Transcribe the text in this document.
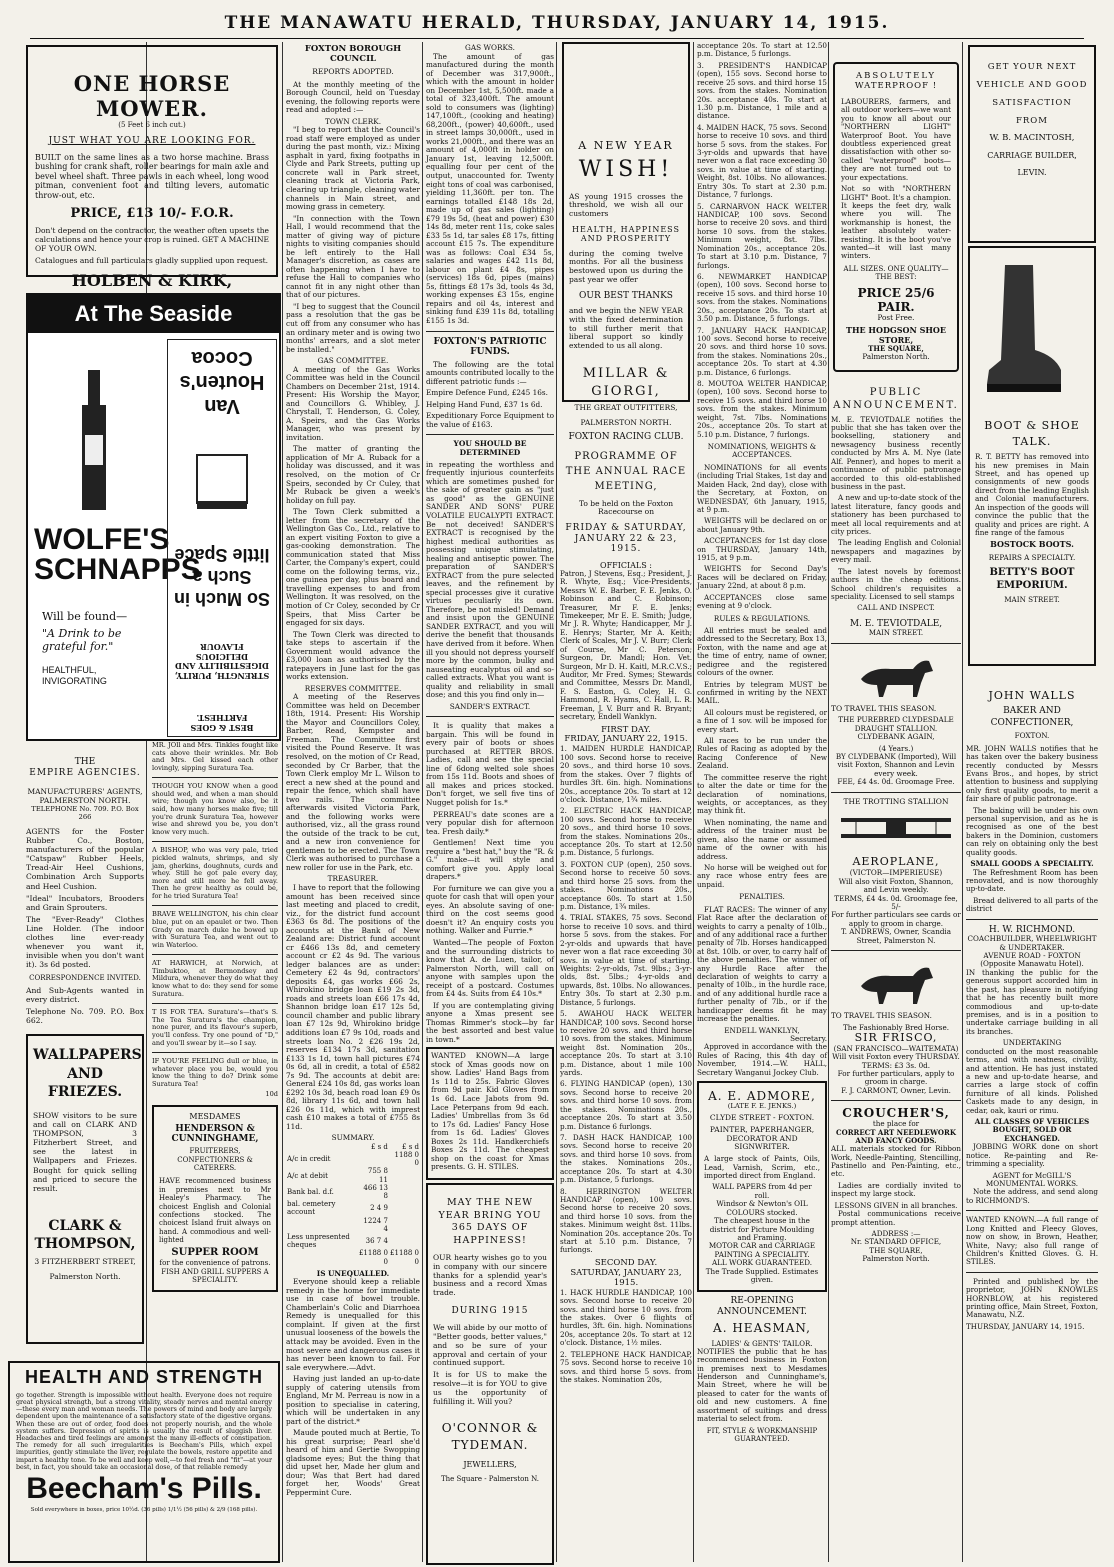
THE MANAWATU HERALD, THURSDAY, JANUARY 14, 1915.
ONE HORSE MOWER.
(5 Feet 6 inch cut.)
JUST WHAT YOU ARE LOOKING FOR.
BUILT on the same lines as a two horse machine. Brass bushing for crank shaft, roller bearings for main axle and bevel wheel shaft. Three pawls in each wheel, long wood pitman, convenient foot and tilting levers, automatic throw-out, etc.
PRICE, £13 10/- F.O.R.
Don't depend on the contractor, the weather often upsets the calculations and hence your crop is ruined. GET A MACHINE OF YOUR OWN.
Catalogues and full particulars gladly supplied upon request.
HOLBEN & KIRK,
At The Seaside
WOLFE'S SCHNAPPS
Will be found—
"A Drink to be grateful for."
HEALTHFUL, INVIGORATING
BEST & GOES FARTHEST.
STRENGTH, PURITY, DIGESTIBILITY AND DELICIOUS FLAVOUR
So Much in Such a little Space
Van Houten's Cocoa
THE
EMPIRE AGENCIES.
MANUFACTURERS' AGENTS,
PALMERSTON NORTH.
TELEPHONE No. 709. P.O. Box 266
AGENTS for the Foster Rubber Co., Boston, manufacturers of the popular "Catspaw" Rubber Heels, Tread-Air Heel Cushions, Combination Arch Supports and Heel Cushion.
"Ideal" Incubators, Brooders and Grain Sprouters.
The "Ever-Ready" Clothes Line Holder. (The indoor clothes line ever-ready whenever you want it, invisible when you don't want it). 3s 6d posted.
CORRESPONDENCE INVITED.
And Sub-Agents wanted in every district.
Telephone No. 709. P.O. Box 662.
WALLPAPERS AND FRIEZES.
SHOW visitors to be sure and call on CLARK AND THOMPSON, 3 Fitzherbert Street, and see the latest in Wallpapers and Friezes. Bought for quick selling and priced to secure the result.
CLARK & THOMPSON,
3 FITZHERBERT STREET,
Palmerston North.
HEALTH AND STRENGTH
go together. Strength is impossible without health. Everyone does not require great physical strength, but a strong vitality, steady nerves and mental energy—these every man and woman needs. The powers of mind and body are largely dependent upon the maintenance of a satisfactory state of the digestive organs. When these are out of order, food does not properly nourish, and the whole system suffers. Depression of spirits is usually the result of sluggish liver. Headaches and tired feelings are amongst the many ill-effects of constipation. The remedy for all such irregularities is Beecham's Pills, which expel impurities, gently stimulate the liver, regulate the bowels, restore appetite and impart a healthy tone. To be well and keep well,—to feel fresh and "fit"—at your best, in fact, you should take an occasional dose, of that reliable remedy
Beecham's Pills.
Sold everywhere in boxes, price 10½d. (36 pills) 1/1½ (56 pills) & 2/9 (168 pills).
MR. JOll and Mrs. Tinkles fought like cats above their wrinkles. Mr. Bob and Mrs. Gel kissed each other lovingly, sipping Suratura Tea.
THOUGH YOU KNOW when a good should wed, and when a man should wire; though you know also, be it said, how many horses make five; till you're drunk Suratura Tea, however wise and shrewd you be, you don't know very much.
A BISHOP, who was very pale, tried pickled walnuts, shrimps, and sly jam, gherkins, doughnuts, curds and whey. Still he got pale every day, more and still more he fell away. Then he grew healthy as could be, for he tried Suratura Tea!
BRAVE WELLINGTON, his chin clear blue, put on an epaulet or two. Then Grady on march duke he bowed up with Suratura Tea, and went out to win Waterloo.
AT HARWICH, at Norwich, at Timbuktoo, at Bermondsey and Mildura, whenever they do what they know what to do: they send for some Suratura.
T IS FOR TEA. Suratura's—that's S. The Tea Suratura's the champion, none purer, and its flavour's superb, you'll confess. Try one pound of "D," and you'll swear by it—so I say.
IF YOU'RE FEELING dull or blue, in whatever place you be, would you know the thing to do? Drink some Suratura Tea!
10d
MESDAMES
HENDERSON & CUNNINGHAME,
FRUITERERS, CONFECTIONERS & CATERERS.
HAVE recommenced business in premises next to Mr Healey's Pharmacy. The choicest English and Colonial confections stocked. The choicest Island fruit always on hand. A commodious and well-lighted
SUPPER ROOM
for the convenience of patrons.
FISH AND GRILL SUPPERS A SPECIALITY.
FOXTON BOROUGH COUNCIL
REPORTS ADOPTED.
At the monthly meeting of the Borough Council, held on Tuesday evening, the following reports were read and adopted :—
TOWN CLERK.
"I beg to report that the Council's road staff were employed as under during the past month, viz.: Mixing asphalt in yard, fixing footpaths in Clyde and Park Streets, putting up concrete wall in Park street, cleaning track at Victoria Park, clearing up triangle, cleaning water channels in Main street, and mowing grass in cemetery.
"In connection with the Town Hall, I would recommend that the matter of giving way of picture nights to visiting companies should be left entirely to the Hall Manager's discretion, as cases are often happening when I have to refuse the Hall to companies who cannot fit in any night other than that of our pictures.
"I beg to suggest that the Council pass a resolution that the gas be cut off from any consumer who has an ordinary meter and is owing two months' arrears, and a slot meter be installed."
GAS COMMITTEE.
A meeting of the Gas Works Committee was held in the Council Chambers on December 21st, 1914. Present: His Worship the Mayor, and Councillors G. Whibley, J. Chrystall, T. Henderson, G. Coley, A. Speirs, and the Gas Works Manager, who was present by invitation.
The matter of granting the application of Mr A. Ruback for a holiday was discussed, and it was resolved, on the motion of Cr Speirs, seconded by Cr Culey, that Mr Ruback be given a week's holiday on full pay.
The Town Clerk submitted a letter from the secretary of the Wellington Gas Co., Ltd., relative to an expert visiting Foxton to give a gas-cooking demonstration. The communication stated that Miss Carter, the Company's expert, could come on the following terms, viz., one guinea per day, plus board and travelling expenses to and from Wellington. It was resolved, on the motion of Cr Coley, seconded by Cr Speirs, that Miss Carter be engaged for six days.
The Town Clerk was directed to take steps to ascertain if the Government would advance the £3,000 loan as authorised by the ratepayers in June last for the gas works extension.
RESERVES COMMITTEE.
A meeting of the Reserves Committee was held on December 18th, 1914. Present: His Worship the Mayor and Councillors Coley, Barber, Read, Kempster and Freeman. The Committee first visited the Pound Reserve. It was resolved, on the motion of Cr Read, seconded by Cr Barber, that the Town Clerk employ Mr L. Wilson to erect a new shed at the pound and repair the fence, which shall have two rails. The committee afterwards visited Victoria Park, and the following works were authorised, viz., all the grass round the outside of the track to be cut, and a new iron convenience for gentlemen to be erected. The Town Clerk was authorised to purchase a new roller for use in the Park, etc.
TREASURER.
I have to report that the following amount has been received since last meeting and placed to credit, viz., for the district fund account £363 6s 8d. The positions of the accounts at the Bank of New Zealand are: District fund account cr £466 13s 8d, and cemetery account cr £2 4s 9d. The various ledger balances are as under: Cemetery £2 4s 9d, contractors' deposits £4, gas works £66 2s, Whirokino bridge loan £19 2s 3d, roads and streets loan £66 17s 4d, Shannon bridge loan £17 12s 5d, council chamber and public library loan £7 12s 9d, Whirokino bridge additions loan £7 9s 10d, roads and streets loan No. 2 £26 19s 2d, reserves £134 17s 3d, sanitation £133 1s 1d, town hall pictures £74 0s 6d, all in credit, a total of £582 7s 9d. The accounts at debit are: General £24 10s 8d, gas works loan £292 10s 3d, beach road loan £9 0s 8d, library 11s 6d, and town hall £26 0s 11d, which with imprest cash £10 makes a total of £755 8s 11d.
SUMMARY.
	£ s d	£ s d
A/c in credit		1188 0 0
A/c at debit	755 8 11	
Bank bal. d.f.	466 13 8	
bal. cemetery account	2 4 9	
	1224 7 4	
Less unpresented cheques	36 7 4	
	£1188 0 0	£1188 0 0
IS UNEQUALLED.
Everyone should keep a reliable remedy in the home for immediate use in case of bowel trouble. Chamberlain's Colic and Diarrhoea Remedy is unequalled for this complaint. If given at the first unusual looseness of the bowels the attack may be avoided. Even in the most severe and dangerous cases it has never been known to fail. For sale everywhere.—Advt.
Having just landed an up-to-date supply of catering utensils from England, Mr M. Perreau is now in a position to specialise in catering, which will be undertaken in any part of the district.*
Maude pouted much at Bertie, To his great surprise; Pearl she'd heard of him and Gertie Swopping gladsome eyes; But the thing that did upset her, Made her glum and dour; Was that Bert had dared forget her, Woods' Great Peppermint Cure.
GAS WORKS.
The amount of gas manufactured during the month of December was 317,900ft., which with the amount in holder on December 1st, 5,500ft. made a total of 323,400ft. The amount sold to consumers was (lighting) 147,100ft., (cooking and heating) 68,200ft., (power) 40,600ft., used in street lamps 30,000ft., used in works 21,000ft., and there was an amount of 4,000ft in holder on January 1st, leaving 12,500ft. equalling four per cent of the output, unaccounted for. Twenty eight tons of coal was carbonised, yielding 11,360ft. per ton. The earnings totalled £148 18s 2d, made up of gas sales (lighting) £79 19s 5d, (heat and power) £30 14s 8d, meter rent 11s, coke sales £33 5s 1d, tar sales £8 17s, fitting account £15 7s. The expenditure was as follows: Coal £34 5s, salaries and wages £42 11s 8d, labour on plant £4 8s, pipes (services) 18s 6d, pipes (mains) 5s, fittings £8 17s 3d, tools 4s 3d, working expenses £3 15s, engine repairs and oil 4s, interest and sinking fund £39 11s 8d, totalling £155 1s 3d.
FOXTON'S PATRIOTIC FUNDS.
The following are the total amounts contributed locally to the different patriotic funds :—
Empire Defence Fund, £245 16s.
Helping Hand Fund, £37 1s 6d.
Expeditionary Force Equipment to the value of £163.
YOU SHOULD BE DETERMINED
in repeating the worthless and frequently injurious counterfeits which are sometimes pushed for the sake of greater gain as "just as good" as the GENUINE SANDER AND SONS' PURE VOLATILE EUCALYPTI EXTRACT. Be not deceived! SANDER'S EXTRACT is recognised by the highest medical authorities as possessing unique stimulating, healing and antiseptic power. The preparation of SANDER'S EXTRACT from the pure selected leaves, and the refinement by special processes give it curative virtues peculiarly its own. Therefore, be not misled! Demand and insist upon the GENUINE SANDER EXTRACT, and you will derive the benefit that thousands have derived from it before. When ill you should not depress yourself more by the common, bulky and nauseating eucalyptus oil and so-called extracts. What you want is quality and reliability in small dose; and this you find only in—
SANDER'S EXTRACT.
It is quality that makes a bargain. This will be found in every pair of boots or shoes purchased at RETTER BROS. Ladies, call and see the special line of 6dong welted sole shoes from 15s 11d. Boots and shoes of all makes and prices stocked. Don't forget, we sell five tins of Nugget polish for 1s.*
PERREAU's date scones are a very popular dish for afternoon tea. Fresh daily.*
Gentlemen! Next time you require a "best hat," buy the "R. & G." make—it will style and comfort give you. Apply local drapers.*
For furniture we can give you a quote for cash that will open your eyes. An absolute saving of one-third on the cost seems good doesn't it? An enquiry costs you nothing. Walker and Furrie.*
Wanted—The people of Foxton and the surrounding districts to know that A. de Luen, tailor, of Palmerston North, will call on anyone with samples upon the receipt of a postcard. Costumes from £4 4s. Suits from £4 10s.*
If you are contemplating giving anyone a Xmas present see Thomas Rimmer's stock—by far the best assorted and best value in town.*
WANTED KNOWN—A large stock of Xmas goods now on show. Ladies' Hand Bags from 1s 11d to 25s. Fabric Gloves from 9d pair. Kid Gloves from 1s 6d. Lace Jabots from 9d. Lace Peterpans from 9d each. Ladies' Umbrellas from 3s 6d to 17s 6d. Ladies' Fancy Hose from 1s 6d. Ladies' Gloves Boxes 2s 11d. Handkerchiefs Boxes 2s 11d. The cheapest shop on the coast for Xmas presents. G. H. STILES.
MAY THE NEW YEAR BRING YOU 365 DAYS OF HAPPINESS!
OUR hearty wishes go to you in company with our sincere thanks for a splendid year's business and a record Xmas trade.
DURING 1915
We will abide by our motto of "Better goods, better values," and so be sure of your approval and certain of your continued support.
It is for US to make the resolve—it is for YOU to give us the opportunity of fulfilling it. Will you?
O'CONNOR & TYDEMAN.
JEWELLERS,
The Square - Palmerston N.
A NEW YEAR
WISH!
AS young 1915 crosses the threshold, we wish all our customers
HEALTH, HAPPINESS AND PROSPERITY
during the coming twelve months. For all the business bestowed upon us during the past year we offer
OUR BEST THANKS
and we begin the NEW YEAR with the fixed determination to still further merit that liberal support so kindly extended to us all along.
MILLAR & GIORGI,
THE GREAT OUTFITTERS,
PALMERSTON NORTH.
FOXTON RACING CLUB.
PROGRAMME OF THE ANNUAL RACE MEETING,
To be held on the Foxton Racecourse on
FRIDAY & SATURDAY, JANUARY 22 & 23, 1915.
OFFICIALS :
Patron, J Stevens, Esq.; President, J. R. Whyte, Esq.; Vice-Presidents, Messrs W. E. Barber, F. E. Jenks, O. Robinson and C. Robinson; Treasurer, Mr F. E. Jenks; Timekeeper, Mr E. E. Smith; Judge, Mr J. R. Whyte; Handicapper, Mr J. E. Henrys; Starter, Mr A. Keith; Clerk of Scales, Mr J. V. Burr; Clerk of Course, Mr C. Peterson; Surgeon, Dr. Mandl; Hon. Vet. Surgeon, Mr D. H. Kaitl, M.R.C.V.S.; Auditor, Mr Fred. Symes; Stewards and Committee, Messrs Dr. Mandl, F. S. Easton, G. Coley, H. G. Hammond, R. Hyams, C. Hall, L. R. Freeman, J. V. Burr and R. Bryant; secretary, Endell Wanklyn.
FIRST DAY.
FRIDAY, JANUARY 22, 1915.
1. MAIDEN HURDLE HANDICAP, 100 sovs. Second horse to receive 20 sovs., and third horse 10 sovs. from the stakes. Over 7 flights of hurdles 3ft. 6in. high. Nominations 20s., acceptance 20s. To start at 12 o'clock. Distance, 1¾ miles.
2. ELECTRIC HACK HANDICAP, 100 sovs. Second horse to receive 20 sovs., and third horse 10 sovs. from the stakes. Nominations 20s., acceptance 20s. To start at 12.50 p.m. Distance, 5 furlongs.
3. FOXTON CUP (open), 250 sovs. Second horse to receive 50 sovs. and third horse 25 sovs. from the stakes. Nominations 20s., acceptance 60s. To start at 1.50 p.m. Distance, 1¾ miles.
4. TRIAL STAKES, 75 sovs. Second horse to receive 10 sovs. and third horse 5 sovs. from the stakes. For 2-yr-olds and upwards that have never won a flat race exceeding 30 sovs. in value at time of starting. Weights: 2-yr-olds, 7st. 9lbs.; 3-yr-olds, 8st. 5lbs.; 4-yr-olds and upwards, 8st. 10lbs. No allowances. Entry 30s. To start at 2.30 p.m. Distance, 5 furlongs.
5. AWAHOU HACK WELTER HANDICAP, 100 sovs. Second horse to receive 20 sovs. and third horse 10 sovs. from the stakes. Minimum weight 8st. Nomination 20s., acceptance 20s. To start at 3.10 p.m. Distance, about 1 mile 100 yards.
6. FLYING HANDICAP (open), 130 sovs. Second horse to receive 20 sovs. and third horse 10 sovs. from the stakes. Nominations 20s., acceptance 20s. To start at 3.50 p.m. Distance 6 furlongs.
7. DASH HACK HANDICAP, 100 sovs. Second horse to receive 20 sovs. and third horse 10 sovs. from the stakes. Nominations 20s., acceptance 20s. To start at 4.30 p.m. Distance, 5 furlongs.
8. HERRINGTON WELTER HANDICAP (open), 100 sovs. Second horse to receive 20 sovs. and third horse 10 sovs. from the stakes. Minimum weight 8st. 11lbs. Nomination 20s. acceptance 20s. To start at 5.10 p.m. Distance, 7 furlongs.
SECOND DAY.
SATURDAY, JANUARY 23, 1915.
1. HACK HURDLE HANDICAP, 100 sovs. Second horse to receive 20 sovs. and third horse 10 sovs. from the stakes. Over 6 flights of hurdles, 3ft. 6in. high. Nominations 20s, acceptance 20s. To start at 12 o'clock. Distance, 1½ miles.
2. TELEPHONE HACK HANDICAP, 75 sovs. Second horse to receive 10 sovs. and third horse 5 sovs. from the stakes. Nomination 20s,
acceptance 20s. To start at 12.50 p.m. Distance, 5 furlongs.
3. PRESIDENT'S HANDICAP (open), 155 sovs. Second horse to receive 25 sovs. and third horse 15 sovs. from the stakes. Nomination 20s. acceptance 40s. To start at 1.30 p.m. Distance, 1 mile and a distance.
4. MAIDEN HACK, 75 sovs. Second horse to receive 10 sovs. and third horse 5 sovs. from the stakes. For 3-yr-olds and upwards that have never won a flat race exceeding 30 sovs. in value at time of starting. Weight, 8st. 10lbs. No allowances. Entry 30s. To start at 2.30 p.m. Distance, 7 furlongs.
5. CARNARVON HACK WELTER HANDICAP, 100 sovs. Second horse to receive 20 sovs. and third horse 10 sovs. from the stakes. Minimum weight, 8st. 7lbs. Nomination 20s., acceptance 20s. To start at 3.10 p.m. Distance, 7 furlongs.
6. NEWMARKET HANDICAP (open), 100 sovs. Second horse to receive 15 sovs. and third horse 10 sovs. from the stakes. Nominations 20s., acceptance 20s. To start at 3.50 p.m. Distance, 5 furlongs.
7. JANUARY HACK HANDICAP, 100 sovs. Second horse to receive 20 sovs. and third horse 10 sovs. from the stakes. Nominations 20s., acceptance 20s. To start at 4.30 p.m. Distance, 6 furlongs.
8. MOUTOA WELTER HANDICAP, (open), 100 sovs. Second horse to receive 15 sovs. and third horse 10 sovs. from the stakes. Minimum weight, 7st. 7lbs. Nominations 20s., acceptance 20s. To start at 5.10 p.m. Distance, 7 furlongs.
NOMINATIONS, WEIGHTS & ACCEPTANCES.
NOMINATIONS for all events (including Trial Stakes, 1st day and Maiden Hack, 2nd day), close with the Secretary, at Foxton, on WEDNESDAY, 6th January, 1915, at 9 p.m.
WEIGHTS will be declared on or about January 9th.
ACCEPTANCES for 1st day close on THURSDAY, January 14th, 1915, at 9 p.m.
WEIGHTS for Second Day's Races will be declared on Friday, January 22nd, at about 8 p.m.
ACCEPTANCES close same evening at 9 o'clock.
RULES & REGULATIONS.
All entries must be sealed and addressed to the Secretary, Box 13, Foxton, with the name and age at the time of entry, name of owner, pedigree and the registered colours of the owner.
Entries by telegram MUST be confirmed in writing by the NEXT MAIL.
All colours must be registered, or a fine of 1 sov. will be imposed for every start.
All races to be run under the Rules of Racing as adopted by the Racing Conference of New Zealand.
The committee reserve the right to alter the date or time for the declaration of nominations, weights, or acceptances, as they may think fit.
When nominating, the name and address of the trainer must be given, also the name or assumed name of the owner with his address.
No horse will be weighed out for any race whose entry fees are unpaid.
PENALTIES.
FLAT RACES: The winner of any Flat Race after the declaration of weights to carry a penalty of 10lb., and of any additional race a further penalty of 7lb. Horses handicapped at 8st. 10lb. or over, to carry half of the above penalties. The winner of any Hurdle Race after the declaration of weights to carry a penalty of 10lb., in the hurdle race, and of any additional hurdle race a further penalty of 7lb., or if the handicapper deems fit he may increase the penalties.
ENDELL WANKLYN,
Secretary.
Approved in accordance with the Rules of Racing, this 4th day of November, 1914.—W. HALL, Secretary Wanganui Jockey Club.
A. E. ADMORE,
(LATE F. E. JENKS.)
CLYDE STREET - FOXTON.
PAINTER, PAPERHANGER, DECORATOR AND SIGNWRITER.
A large stock of Paints, Oils, Lead, Varnish, Scrim, etc., imported direct from England.
WALL PAPERS from 4d per roll.
Windsor & Newton's OIL COLOURS stocked.
The cheapest house in the district for Picture Moulding and Framing.
MOTOR CAR and CARRIAGE PAINTING A SPECIALITY.
ALL WORK GUARANTEED.
The Trade Supplied. Estimates given.
RE-OPENING ANNOUNCEMENT.
A. HEASMAN,
LADIES' & GENTS' TAILOR.
NOTIFIES the public that he has recommenced business in Foxton in premises next to Mesdames Henderson and Cunninghame's, Main Street, where he will be pleased to cater for the wants of old and new customers. A fine assortment of suitings and dress material to select from.
FIT, STYLE & WORKMANSHIP GUARANTEED.
ABSOLUTELY
WATERPROOF !
LABOURERS, farmers, and all outdoor workers—we want you to know all about our "NORTHERN LIGHT" Waterproof Boot. You have doubtless experienced great dissatisfaction with other so-called "waterproof" boots—they are not turned out to your expectations.
Not so with "NORTHERN LIGHT" Boot. It's a champion. It keeps the feet dry, walk where you will. The workmanship is honest, the leather absolutely water-resisting. It is the boot you've wanted—it will last many winters.
ALL SIZES. ONE QUALITY—THE BEST:
PRICE 25/6 PAIR.
Post Free.
THE HODGSON SHOE STORE,
THE SQUARE,
Palmerston North.
PUBLIC ANNOUNCEMENT.
M. E. TEVIOTDALE notifies the public that she has taken over the bookselling, stationery and newsagency business recently conducted by Mrs A. M. Nye (late Alf. Penner), and hopes to merit a continuance of public patronage accorded to this old-established business in the past.
A new and up-to-date stock of the latest literature, fancy goods and stationery has been purchased to meet all local requirements and at city prices.
The leading English and Colonial newspapers and magazines by every mail.
The latest novels by foremost authors in the cheap editions. School children's requisites a speciality. Licensed to sell stamps
CALL AND INSPECT.
M. E. TEVIOTDALE,
MAIN STREET.
TO TRAVEL THIS SEASON.
THE PUREBRED CLYDESDALE DRAUGHT STALLION. CLYDEBANK AGAIN,
(4 Years.)
BY CLYDEBANK (Imported), Will visit Foxton, Shannon and Levin every week.
FEE, £4 4s. 0d. Groomage Free.
THE TROTTING STALLION
AEROPLANE,
(VICTOR—IMPERIEUSE)
Will also visit Foxton, Shannon, and Levin weekly.
TERMS, £4 4s. 0d. Groomage fee, 5/-
For further particulars see cards or apply to groom in charge.
T. ANDREWS, Owner, Scandia Street, Palmerston N.
TO TRAVEL THIS SEASON.
The Fashionably Bred Horse.
SIR FRISCO,
(SAN FRANCISCO—WAITEMATA)
Will visit Foxton every THURSDAY.
TERMS: £3 3s. 0d.
For further particulars, apply to groom in charge.
F. J. CARMONT, Owner, Levin.
CROUCHER'S,
the place for
CORRECT ART NEEDLEWORK AND FANCY GOODS.
ALL materials stocked for Ribbon Work, Needle-Painting, Stencilling, Pastinello and Pen-Painting, etc., etc.
Ladies are cordially invited to inspect my large stock.
LESSONS GIVEN in all branches.
Postal communications receive prompt attention.
ADDRESS :—
Nr. STANDARD OFFICE,
THE SQUARE,
Palmerston North.
GET YOUR NEXT
VEHICLE AND GOOD
SATISFACTION FROM
W. B. MACINTOSH,
CARRIAGE BUILDER,
LEVIN.
BOOT & SHOE TALK.
R. T. BETTY has removed into his new premises in Main Street, and has opened up consignments of new goods direct from the leading English and Colonial manufacturers. An inspection of the goods will convince the public that the quality and prices are right. A fine range of the famous
BOSTOCK BOOTS.
REPAIRS A SPECIALTY.
BETTY'S BOOT EMPORIUM.
MAIN STREET.
JOHN WALLS
BAKER AND CONFECTIONER,
FOXTON.
MR. JOHN WALLS notifies that he has taken over the bakery business recently conducted by Messrs Evans Bros., and hopes, by strict attention to business and supplying only first quality goods, to merit a fair share of public patronage.
The baking will be under his own personal supervision, and as he is recognised as one of the best bakers in the Dominion, customers can rely on obtaining only the best quality goods.
SMALL GOODS A SPECIALITY.
The Refreshment Room has been renovated, and is now thoroughly up-to-date.
Bread delivered to all parts of the district
H. W. RICHMOND.
COACHBUILDER, WHEELWRIGHT & UNDERTAKER.
AVENUE ROAD - FOXTON
(Opposite Manawatu Hotel).
IN thanking the public for the generous support accorded him in the past, has pleasure in notifying that he has recently built more commodious and up-to-date premises, and is in a position to undertake carriage building in all its branches.
UNDERTAKING
conducted on the most reasonable terms, and with neatness, civility, and attention. He has just instated a new and up-to-date hearse, and carries a large stock of coffin furniture of all kinds. Polished Caskets made to any design, in cedar, oak, kauri or rimu.
ALL CLASSES OF VEHICLES BOUGHT, SOLD OR EXCHANGED.
JOBBING WORK done on short notice. Re-painting and Re-trimming a speciality.
AGENT for McGILL'S MONUMENTAL WORKS.
Note the address, and send along to RICHMOND'S.
WANTED KNOWN.—A full range of Long Knitted and Fleecy Gloves, now on show, in Brown, Heather, White, Navy; also full range of Children's Knitted Gloves. G. H. STILES.
Printed and published by the proprietor, JOHN KNOWLES HORNBLOW, at his registered printing office, Main Street, Foxton, Manawatu, N.Z.
THURSDAY, JANUARY 14, 1915.
